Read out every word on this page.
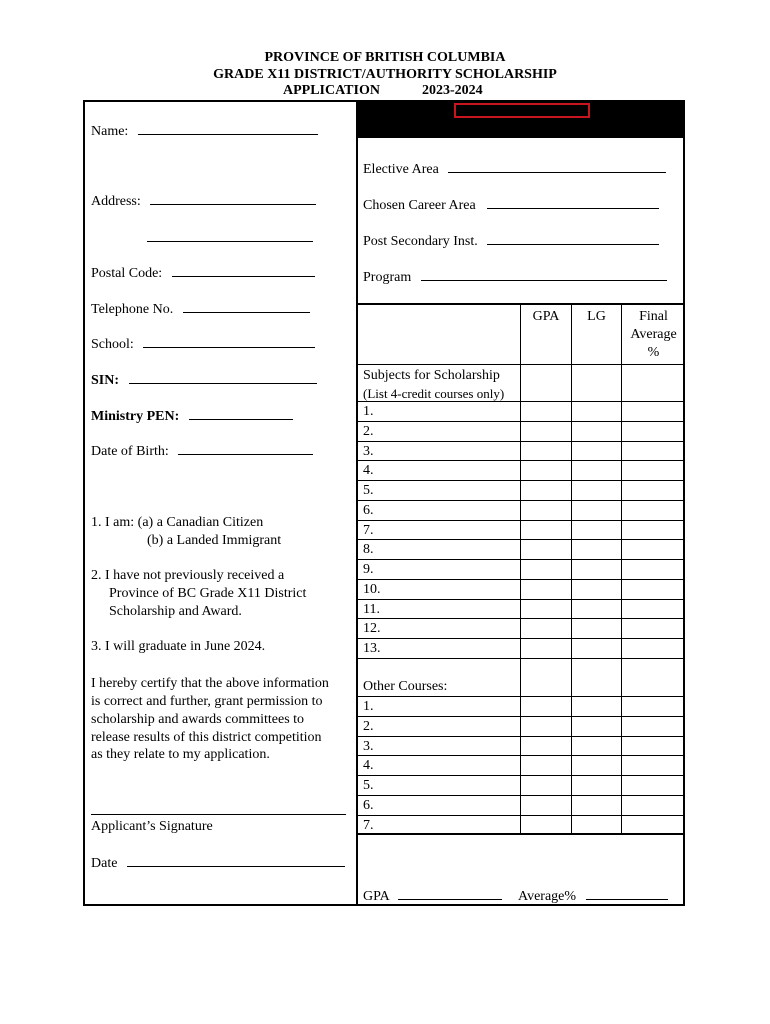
PROVINCE OF BRITISH COLUMBIA
GRADE X11 DISTRICT/AUTHORITY SCHOLARSHIP
APPLICATION	2023-2024
Name:
Address:
Postal Code:
Telephone No.
School:
SIN:
Ministry PEN:
Date of Birth:
1. I am: (a) a Canadian Citizen
(b) a Landed Immigrant
2. I have not previously received a
Province of BC Grade X11 District
Scholarship and Award.
3. I will graduate in June 2024.
I hereby certify that the above information
is correct and further, grant permission to
scholarship and awards committees to
release results of this district competition
as they relate to my application.
Applicant’s Signature
Date
Elective Area
Chosen Career Area
Post Secondary Inst.
Program
GPA	LG	Final
Average
%
Subjects for Scholarship
(List 4-credit courses only)
1.
2.
3.
4.
5.
6.
7.
8.
9.
10.
11.
12.
13.
Other Courses:
1.
2.
3.
4.
5.
6.
7.
GPA	Average%
